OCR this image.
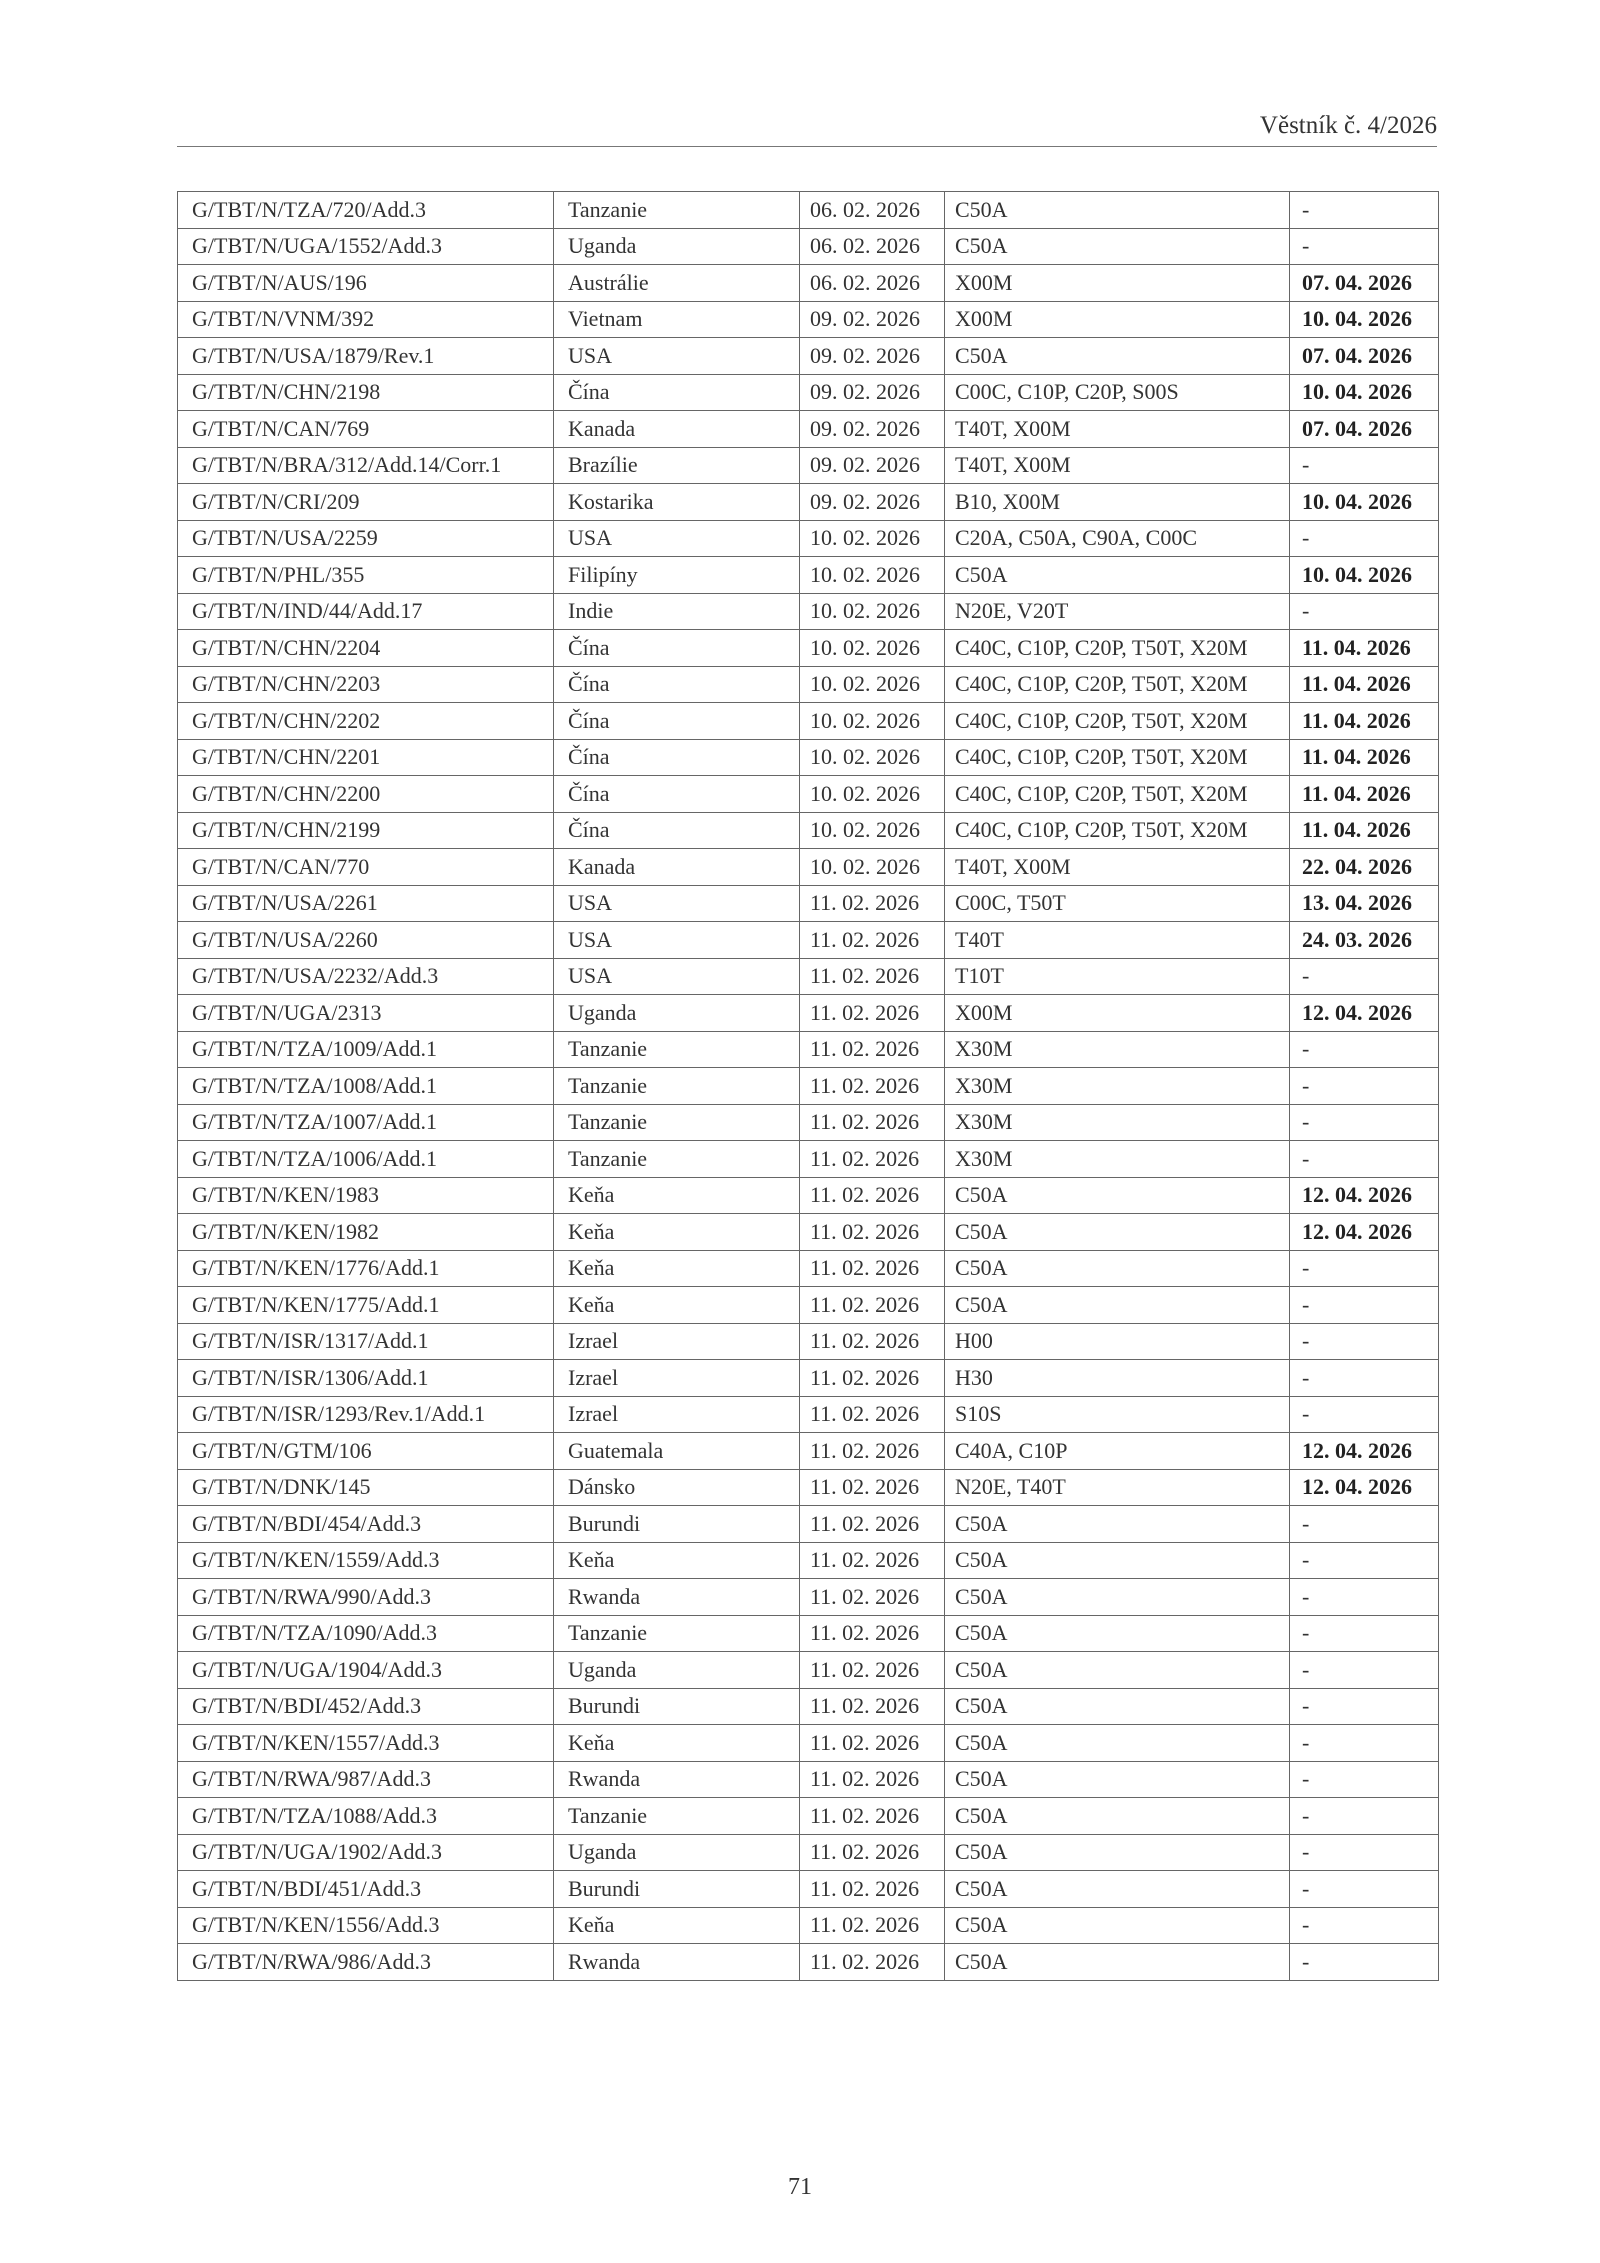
Věstník č. 4/2026
G/TBT/N/TZA/720/Add.3	Tanzanie	06. 02. 2026	C50A	-
G/TBT/N/UGA/1552/Add.3	Uganda	06. 02. 2026	C50A	-
G/TBT/N/AUS/196	Austrálie	06. 02. 2026	X00M	07. 04. 2026
G/TBT/N/VNM/392	Vietnam	09. 02. 2026	X00M	10. 04. 2026
G/TBT/N/USA/1879/Rev.1	USA	09. 02. 2026	C50A	07. 04. 2026
G/TBT/N/CHN/2198	Čína	09. 02. 2026	C00C, C10P, C20P, S00S	10. 04. 2026
G/TBT/N/CAN/769	Kanada	09. 02. 2026	T40T, X00M	07. 04. 2026
G/TBT/N/BRA/312/Add.14/Corr.1	Brazílie	09. 02. 2026	T40T, X00M	-
G/TBT/N/CRI/209	Kostarika	09. 02. 2026	B10, X00M	10. 04. 2026
G/TBT/N/USA/2259	USA	10. 02. 2026	C20A, C50A, C90A, C00C	-
G/TBT/N/PHL/355	Filipíny	10. 02. 2026	C50A	10. 04. 2026
G/TBT/N/IND/44/Add.17	Indie	10. 02. 2026	N20E, V20T	-
G/TBT/N/CHN/2204	Čína	10. 02. 2026	C40C, C10P, C20P, T50T, X20M	11. 04. 2026
G/TBT/N/CHN/2203	Čína	10. 02. 2026	C40C, C10P, C20P, T50T, X20M	11. 04. 2026
G/TBT/N/CHN/2202	Čína	10. 02. 2026	C40C, C10P, C20P, T50T, X20M	11. 04. 2026
G/TBT/N/CHN/2201	Čína	10. 02. 2026	C40C, C10P, C20P, T50T, X20M	11. 04. 2026
G/TBT/N/CHN/2200	Čína	10. 02. 2026	C40C, C10P, C20P, T50T, X20M	11. 04. 2026
G/TBT/N/CHN/2199	Čína	10. 02. 2026	C40C, C10P, C20P, T50T, X20M	11. 04. 2026
G/TBT/N/CAN/770	Kanada	10. 02. 2026	T40T, X00M	22. 04. 2026
G/TBT/N/USA/2261	USA	11. 02. 2026	C00C, T50T	13. 04. 2026
G/TBT/N/USA/2260	USA	11. 02. 2026	T40T	24. 03. 2026
G/TBT/N/USA/2232/Add.3	USA	11. 02. 2026	T10T	-
G/TBT/N/UGA/2313	Uganda	11. 02. 2026	X00M	12. 04. 2026
G/TBT/N/TZA/1009/Add.1	Tanzanie	11. 02. 2026	X30M	-
G/TBT/N/TZA/1008/Add.1	Tanzanie	11. 02. 2026	X30M	-
G/TBT/N/TZA/1007/Add.1	Tanzanie	11. 02. 2026	X30M	-
G/TBT/N/TZA/1006/Add.1	Tanzanie	11. 02. 2026	X30M	-
G/TBT/N/KEN/1983	Keňa	11. 02. 2026	C50A	12. 04. 2026
G/TBT/N/KEN/1982	Keňa	11. 02. 2026	C50A	12. 04. 2026
G/TBT/N/KEN/1776/Add.1	Keňa	11. 02. 2026	C50A	-
G/TBT/N/KEN/1775/Add.1	Keňa	11. 02. 2026	C50A	-
G/TBT/N/ISR/1317/Add.1	Izrael	11. 02. 2026	H00	-
G/TBT/N/ISR/1306/Add.1	Izrael	11. 02. 2026	H30	-
G/TBT/N/ISR/1293/Rev.1/Add.1	Izrael	11. 02. 2026	S10S	-
G/TBT/N/GTM/106	Guatemala	11. 02. 2026	C40A, C10P	12. 04. 2026
G/TBT/N/DNK/145	Dánsko	11. 02. 2026	N20E, T40T	12. 04. 2026
G/TBT/N/BDI/454/Add.3	Burundi	11. 02. 2026	C50A	-
G/TBT/N/KEN/1559/Add.3	Keňa	11. 02. 2026	C50A	-
G/TBT/N/RWA/990/Add.3	Rwanda	11. 02. 2026	C50A	-
G/TBT/N/TZA/1090/Add.3	Tanzanie	11. 02. 2026	C50A	-
G/TBT/N/UGA/1904/Add.3	Uganda	11. 02. 2026	C50A	-
G/TBT/N/BDI/452/Add.3	Burundi	11. 02. 2026	C50A	-
G/TBT/N/KEN/1557/Add.3	Keňa	11. 02. 2026	C50A	-
G/TBT/N/RWA/987/Add.3	Rwanda	11. 02. 2026	C50A	-
G/TBT/N/TZA/1088/Add.3	Tanzanie	11. 02. 2026	C50A	-
G/TBT/N/UGA/1902/Add.3	Uganda	11. 02. 2026	C50A	-
G/TBT/N/BDI/451/Add.3	Burundi	11. 02. 2026	C50A	-
G/TBT/N/KEN/1556/Add.3	Keňa	11. 02. 2026	C50A	-
G/TBT/N/RWA/986/Add.3	Rwanda	11. 02. 2026	C50A	-
71
